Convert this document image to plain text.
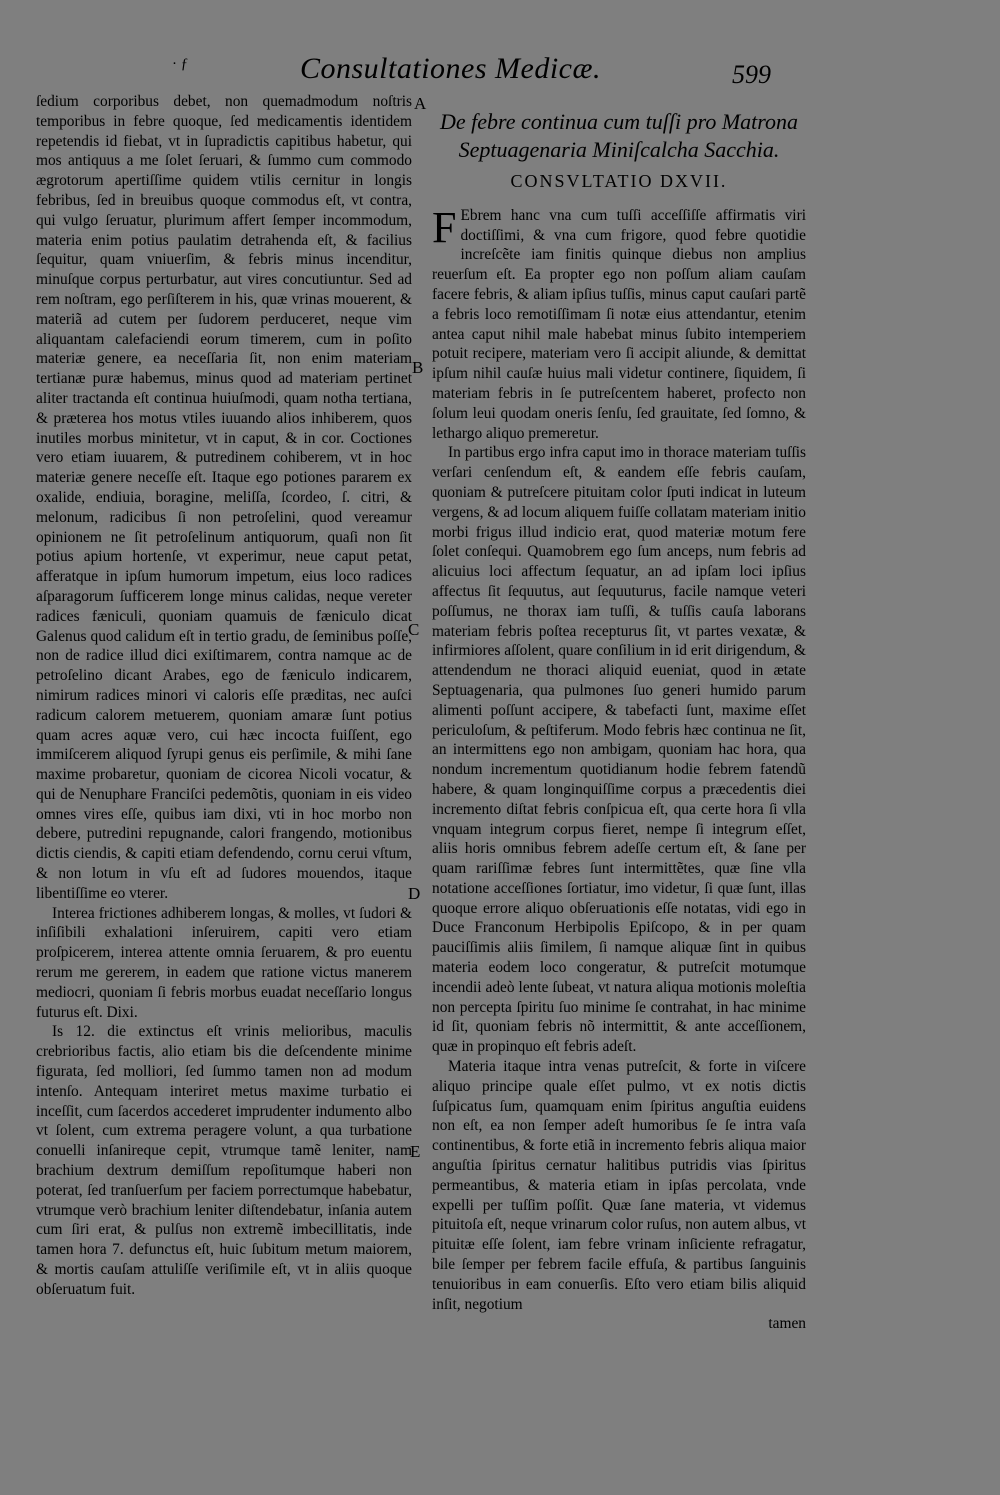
· ƒ	Consultationes Medicæ.	599

ſedium corporibus debet, non quemadmodum noſtris temporibus in febre quoque, ſed medicamentis identidem repetendis id fiebat, vt in ſupradictis capitibus habetur, qui mos antiquus a me ſolet ſeruari, & ſummo cum commodo ægrotorum apertiſſime quidem vtilis cernitur in longis febribus, ſed in breuibus quoque commodus eſt, vt contra, qui vulgo ſeruatur, plurimum affert ſemper incommodum, materia enim potius paulatim detrahenda eſt, & facilius ſequitur, quam vniuerſim, & febris minus incenditur, minuſque corpus perturbatur, aut vires concutiuntur. Sed ad rem noſtram, ego perſiſterem in his, quæ vrinas mouerent, & materiã ad cutem per ſudorem perduceret, neque vim aliquantam calefaciendi eorum timerem, cum in poſito materiæ genere, ea neceſſaria ſit, non enim materiam tertianæ puræ habemus, minus quod ad materiam pertinet aliter tractanda eſt continua huiuſmodi, quam notha tertiana, & præterea hos motus vtiles iuuando alios inhiberem, quos inutiles morbus minitetur, vt in caput, & in cor. Coctiones vero etiam iuuarem, & putredinem cohiberem, vt in hoc materiæ genere neceſſe eſt. Itaque ego potiones pararem ex oxalide, endiuia, boragine, meliſſa, ſcordeo, ſ. citri, & melonum, radicibus ſi non petroſelini, quod vereamur opinionem ne ſit petroſelinum antiquorum, quaſi non ſit potius apium hortenſe, vt experimur, neue caput petat, afferatque in ipſum humorum impetum, eius loco radices aſparagorum ſufficerem longe minus calidas, neque vereter radices fæniculi, quoniam quamuis de fæniculo dicat Galenus quod calidum eſt in tertio gradu, de ſeminibus poſſe, non de radice illud dici exiſtimarem, contra namque ac de petroſelino dicant Arabes, ego de fæniculo indicarem, nimirum radices minori vi caloris eſſe præditas, nec auſci radicum calorem metuerem, quoniam amaræ ſunt potius quam acres aquæ vero, cui hæc incocta fuiſſent, ego immiſcerem aliquod ſyrupi genus eis perſimile, & mihi ſane maxime probaretur, quoniam de cicorea Nicoli vocatur, & qui de Nenuphare Franciſci pedemõtis, quoniam in eis video omnes vires eſſe, quibus iam dixi, vti in hoc morbo non debere, putredini repugnande, calori frangendo, motionibus dictis ciendis, & capiti etiam defendendo, cornu cerui vſtum, & non lotum in vſu eſt ad ſudores mouendos, itaque libentiſſime eo vterer.

Interea frictiones adhiberem longas, & molles, vt ſudori & inſiſibili exhalationi inſeruirem, capiti vero etiam proſpicerem, interea attente omnia ſeruarem, & pro euentu rerum me gererem, in eadem que ratione victus manerem mediocri, quoniam ſi febris morbus euadat neceſſario longus futurus eſt. Dixi.

Is 12. die extinctus eſt vrinis melioribus, maculis crebrioribus factis, alio etiam bis die deſcendente minime figurata, ſed molliori, ſed ſummo tamen non ad modum intenſo. Antequam interiret metus maxime turbatio ei inceſſit, cum ſacerdos accederet imprudenter indumento albo vt ſolent, cum extrema peragere volunt, a qua turbatione conuelli inſanireque cepit, vtrumque tamẽ leniter, nam brachium dextrum demiſſum repoſitumque haberi non poterat, ſed tranſuerſum per faciem porrectumque habebatur, vtrumque verò brachium leniter diſtendebatur, inſania autem cum ſiri erat, & pulſus non extremẽ imbecillitatis, inde tamen hora 7. defunctus eſt, huic ſubitum metum maiorem, & mortis cauſam attuliſſe veriſimile eſt, vt in aliis quoque obſeruatum fuit.

A
B
C
D
E
De febre continua cum tuſſi pro Matrona Septuagenaria Miniſcalcha Sacchia.
CONSVLTATIO DXVII.

F Ebrem hanc vna cum tuſſi acceſſiſſe affirmatis viri doctiſſimi, & vna cum frigore, quod febre quotidie increſcẽte iam finitis quinque diebus non amplius reuerſum eſt. Ea propter ego non poſſum aliam cauſam facere febris, & aliam ipſius tuſſis, minus caput cauſari partẽ a febris loco remotiſſimam ſi notæ eius attendantur, etenim antea caput nihil male habebat minus ſubito intemperiem potuit recipere, materiam vero ſi accipit aliunde, & demittat ipſum nihil cauſæ huius mali videtur continere, ſiquidem, ſi materiam febris in ſe putreſcentem haberet, profecto non ſolum leui quodam oneris ſenſu, ſed grauitate, ſed ſomno, & lethargo aliquo premeretur.

In partibus ergo infra caput imo in thorace materiam tuſſis verſari cenſendum eſt, & eandem eſſe febris cauſam, quoniam & putreſcere pituitam color ſputi indicat in luteum vergens, & ad locum aliquem fuiſſe collatam materiam initio morbi frigus illud indicio erat, quod materiæ motum fere ſolet conſequi. Quamobrem ego ſum anceps, num febris ad alicuius loci affectum ſequatur, an ad ipſam loci ipſius affectus ſit ſequutus, aut ſequuturus, facile namque veteri poſſumus, ne thorax iam tuſſi, & tuſſis cauſa laborans materiam febris poſtea recepturus ſit, vt partes vexatæ, & infirmiores aſſolent, quare conſilium in id erit dirigendum, & attendendum ne thoraci aliquid eueniat, quod in ætate Septuagenaria, qua pulmones ſuo generi humido parum alimenti poſſunt accipere, & tabefacti ſunt, maxime eſſet periculoſum, & peſtiferum. Modo febris hæc continua ne ſit, an intermittens ego non ambigam, quoniam hac hora, qua nondum incrementum quotidianum hodie febrem fatendũ habere, & quam longinquiſſime corpus a præcedentis diei incremento diſtat febris conſpicua eſt, qua certe hora ſi vlla vnquam integrum corpus fieret, nempe ſi integrum eſſet, aliis horis omnibus febrem adeſſe certum eſt, & ſane per quam rariſſimæ febres ſunt intermittẽtes, quæ ſine vlla notatione acceſſiones ſortiatur, imo videtur, ſi quæ ſunt, illas quoque errore aliquo obſeruationis eſſe notatas, vidi ego in Duce Franconum Herbipolis Epiſcopo, & in per quam pauciſſimis aliis ſimilem, ſi namque aliquæ ſint in quibus materia eodem loco congeratur, & putreſcit motumque incendii adeò lente ſubeat, vt natura aliqua motionis moleſtia non percepta ſpiritu ſuo minime ſe contrahat, in hac minime id ſit, quoniam febris nõ intermittit, & ante acceſſionem, quæ in propinquo eſt febris adeſt.

Materia itaque intra venas putreſcit, & forte in viſcere aliquo principe quale eſſet pulmo, vt ex notis dictis ſuſpicatus ſum, quamquam enim ſpiritus anguſtia euidens non eſt, ea non ſemper adeſt humoribus ſe ſe intra vaſa continentibus, & forte etiã in incremento febris aliqua maior anguſtia ſpiritus cernatur halitibus putridis vias ſpiritus permeantibus, & materia etiam in ipſas percolata, vnde expelli per tuſſim poſſit. Quæ ſane materia, vt videmus pituitoſa eſt, neque vrinarum color ruſus, non autem albus, vt pituitæ eſſe ſolent, iam febre vrinam inſiciente refragatur, bile ſemper per febrem facile effuſa, & partibus ſanguinis tenuioribus in eam conuerſis. Eſto vero etiam bilis aliquid inſit, negotium

tamen
